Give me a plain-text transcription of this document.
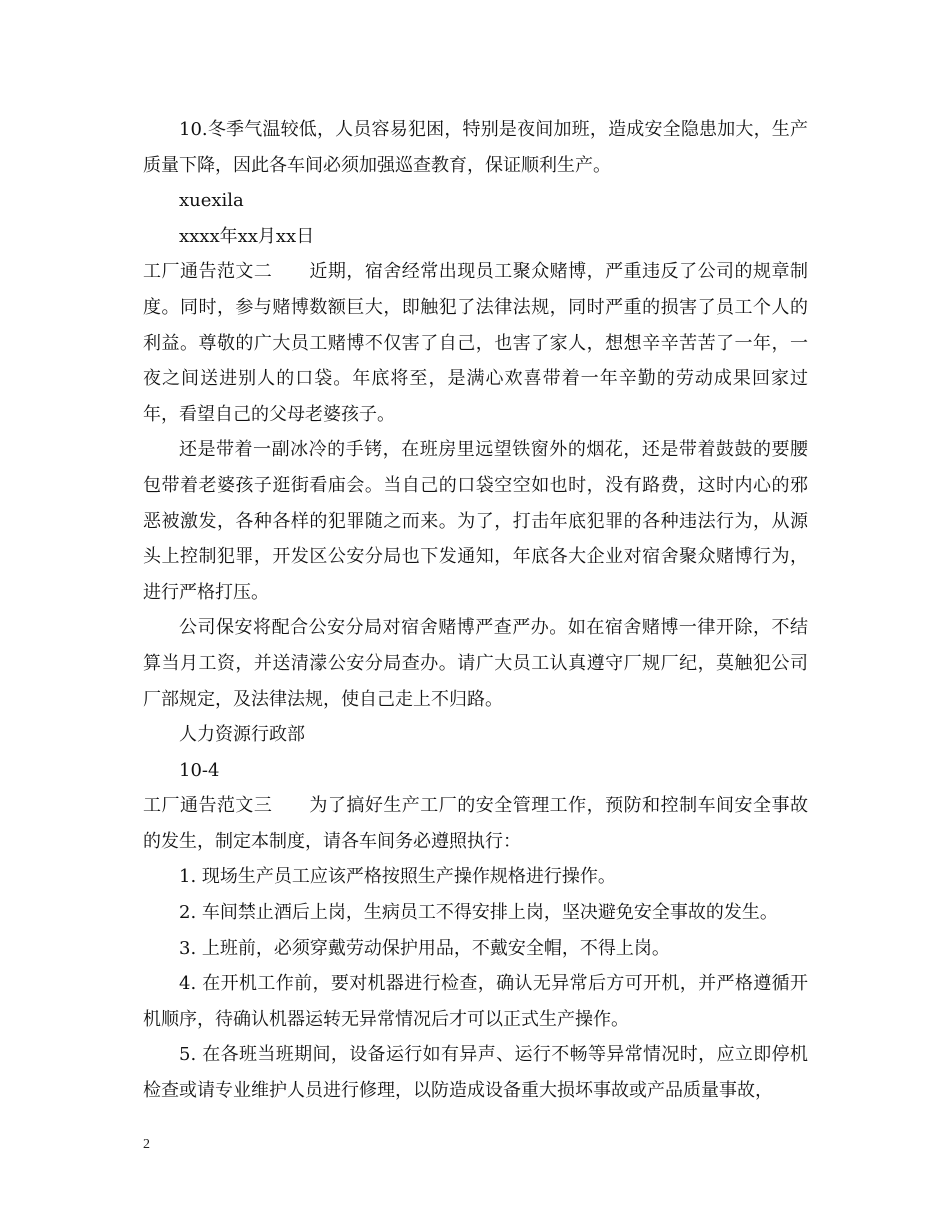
10.冬季气温较低，人员容易犯困，特别是夜间加班，造成安全隐患加大，生产质量下降，因此各车间必须加强巡查教育，保证顺利生产。

xuexila

xxxx年xx月xx日

工厂通告范文二　　近期，宿舍经常出现员工聚众赌博，严重违反了公司的规章制度。同时，参与赌博数额巨大，即触犯了法律法规，同时严重的损害了员工个人的利益。尊敬的广大员工赌博不仅害了自己，也害了家人，想想辛辛苦苦了一年，一夜之间送进别人的口袋。年底将至，是满心欢喜带着一年辛勤的劳动成果回家过年，看望自己的父母老婆孩子。

还是带着一副冰冷的手铐，在班房里远望铁窗外的烟花，还是带着鼓鼓的要腰包带着老婆孩子逛街看庙会。当自己的口袋空空如也时，没有路费，这时内心的邪恶被激发，各种各样的犯罪随之而来。为了，打击年底犯罪的各种违法行为，从源头上控制犯罪，开发区公安分局也下发通知，年底各大企业对宿舍聚众赌博行为，进行严格打压。

公司保安将配合公安分局对宿舍赌博严查严办。如在宿舍赌博一律开除，不结算当月工资，并送清濛公安分局查办。请广大员工认真遵守厂规厂纪，莫触犯公司厂部规定，及法律法规，使自己走上不归路。

人力资源行政部

10-4

工厂通告范文三　　为了搞好生产工厂的安全管理工作，预防和控制车间安全事故的发生，制定本制度，请各车间务必遵照执行：

1. 现场生产员工应该严格按照生产操作规格进行操作。

2. 车间禁止酒后上岗，生病员工不得安排上岗，坚决避免安全事故的发生。

3. 上班前，必须穿戴劳动保护用品，不戴安全帽，不得上岗。

4. 在开机工作前，要对机器进行检查，确认无异常后方可开机，并严格遵循开机顺序，待确认机器运转无异常情况后才可以正式生产操作。

5. 在各班当班期间，设备运行如有异声、运行不畅等异常情况时，应立即停机检查或请专业维护人员进行修理，以防造成设备重大损坏事故或产品质量事故，

2
